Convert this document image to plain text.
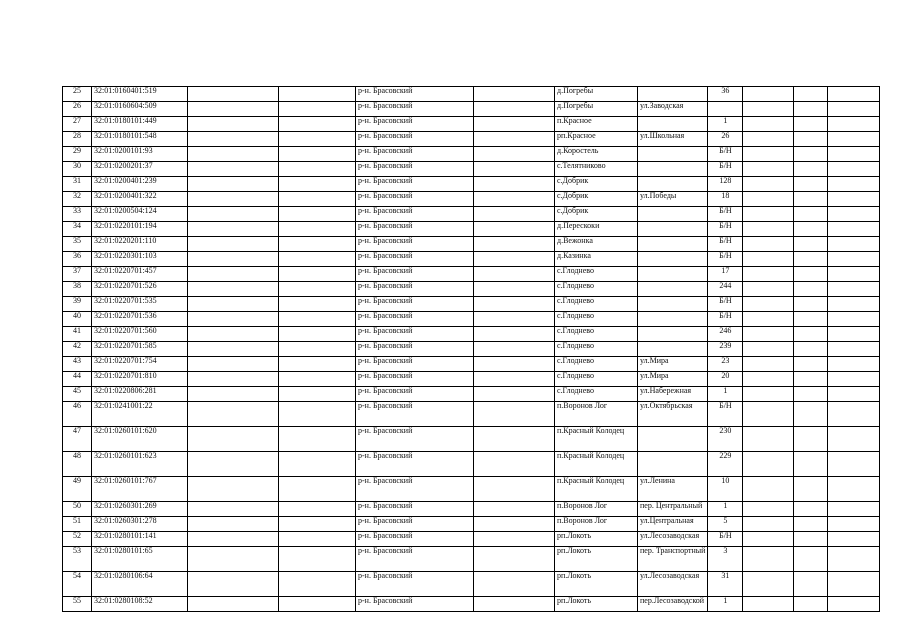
25	32:01:0160401:519			р-н. Брасовский		д.Погребы		36			
26	32:01:0160604:509			р-н. Брасовский		д.Погребы	ул.Заводская				
27	32:01:0180101:449			р-н. Брасовский		п.Красное		1			
28	32:01:0180101:548			р-н. Брасовский		рп.Красное	ул.Школьная	26			
29	32:01:0200101:93			р-н. Брасовский		д.Коростель		Б/Н			
30	32:01:0200201:37			р-н. Брасовский		с.Телятниково		Б/Н			
31	32:01:0200401:239			р-н. Брасовский		с.Добрик		128			
32	32:01:0200401:322			р-н. Брасовский		с.Добрик	ул.Победы	18			
33	32:01:0200504:124			р-н. Брасовский		с.Добрик		Б/Н			
34	32:01:0220101:194			р-н. Брасовский		д.Перескоки		Б/Н			
35	32:01:0220201:110			р-н. Брасовский		д.Вежонка		Б/Н			
36	32:01:0220301:103			р-н. Брасовский		д.Казинка		Б/Н			
37	32:01:0220701:457			р-н. Брасовский		с.Глоднево		17			
38	32:01:0220701:526			р-н. Брасовский		с.Глоднево		244			
39	32:01:0220701:535			р-н. Брасовский		с.Глоднево		Б/Н			
40	32:01:0220701:536			р-н. Брасовский		с.Глоднево		Б/Н			
41	32:01:0220701:560			р-н. Брасовский		с.Глоднево		246			
42	32:01:0220701:585			р-н. Брасовский		с.Глоднево		239			
43	32:01:0220701:754			р-н. Брасовский		с.Глоднево	ул.Мира	23			
44	32:01:0220701:810			р-н. Брасовский		с.Глоднево	ул.Мира	20			
45	32:01:0220806:281			р-н. Брасовский		с.Глоднево	ул.Набережная	1			
46	32:01:0241001:22			р-н. Брасовский		п.Воронов Лог	ул.Октябрьская	Б/Н			
47	32:01:0260101:620			р-н. Брасовский		п.Красный Колодец		230			
48	32:01:0260101:623			р-н. Брасовский		п.Красный Колодец		229			
49	32:01:0260101:767			р-н. Брасовский		п.Красный Колодец	ул.Ленина	10			
50	32:01:0260301:269			р-н. Брасовский		п.Воронов Лог	пер. Центральный	1			
51	32:01:0260301:278			р-н. Брасовский		п.Воронов Лог	ул.Центральная	5			
52	32:01:0280101:141			р-н. Брасовский		рп.Локоть	ул.Лесозаводская	Б/Н			
53	32:01:0280101:65			р-н. Брасовский		рп.Локоть	пер. Транспортный	3			
54	32:01:0280106:64			р-н. Брасовский		рп.Локоть	ул.Лесозаводская	31			
55	32:01:0280108:52			р-н. Брасовский		рп.Локоть	пер.Лесозаводской	1			
